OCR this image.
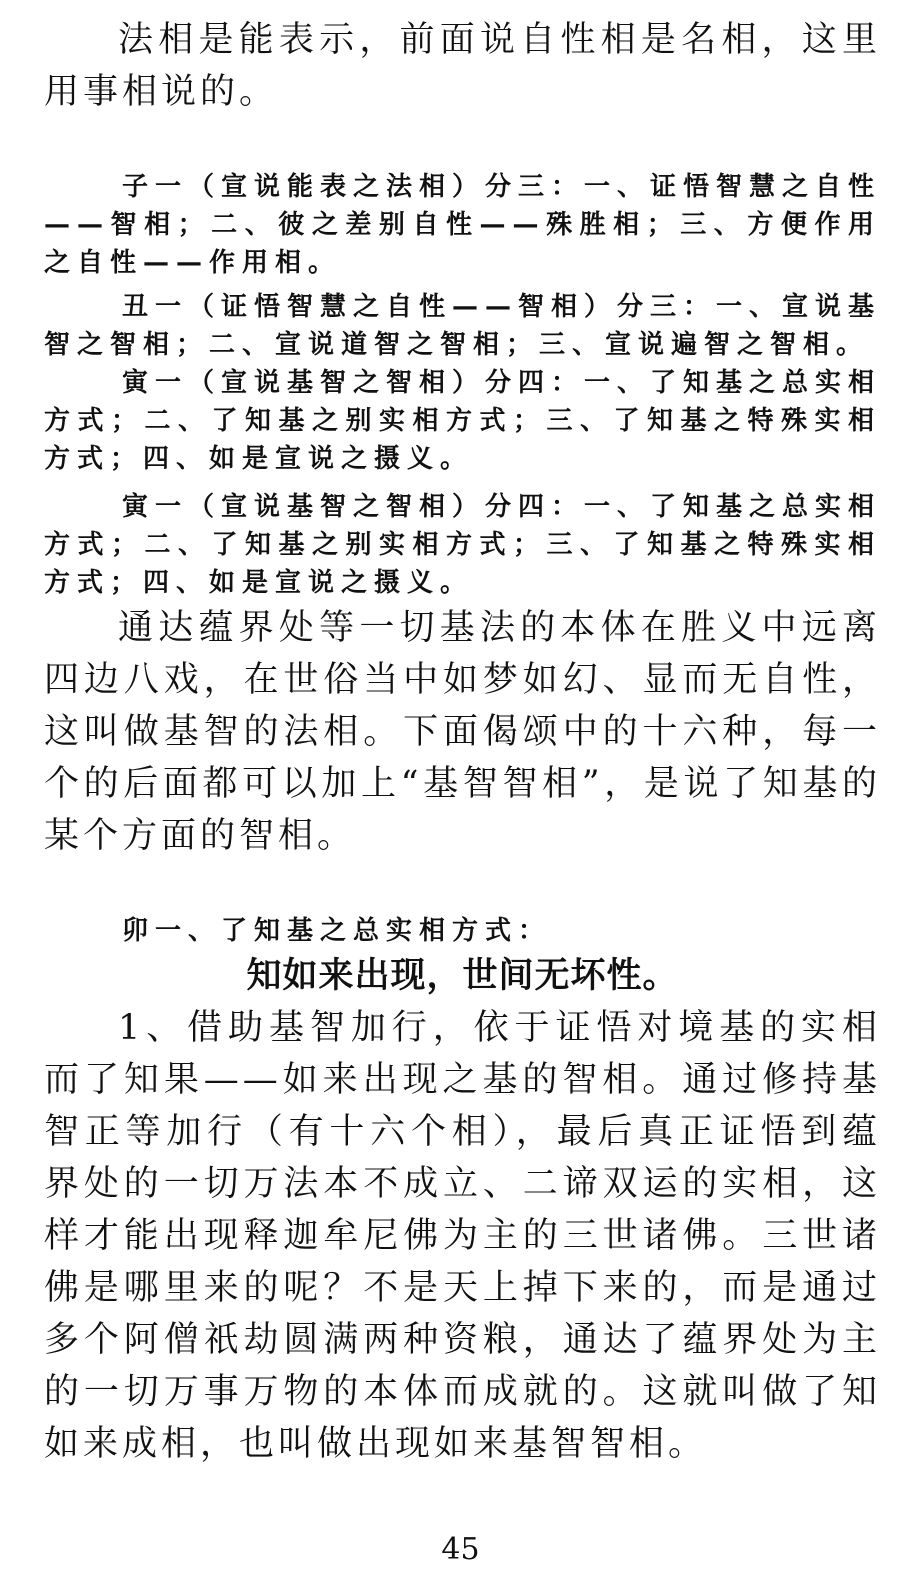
法相是能表示，前面说自性相是名相，这里用事相说的。

子一（宣说能表之法相）分三：一、证悟智慧之自性——智相；二、彼之差别自性——殊胜相；三、方便作用之自性——作用相。

丑一（证悟智慧之自性——智相）分三：一、宣说基智之智相；二、宣说道智之智相；三、宣说遍智之智相。

寅一（宣说基智之智相）分四：一、了知基之总实相方式；二、了知基之别实相方式；三、了知基之特殊实相方式；四、如是宣说之摄义。

寅一（宣说基智之智相）分四：一、了知基之总实相方式；二、了知基之别实相方式；三、了知基之特殊实相方式；四、如是宣说之摄义。

通达蕴界处等一切基法的本体在胜义中远离四边八戏，在世俗当中如梦如幻、显而无自性，这叫做基智的法相。下面偈颂中的十六种，每一个的后面都可以加上“基智智相”，是说了知基的某个方面的智相。

卯一、了知基之总实相方式：

知如来出现，世间无坏性。

1、借助基智加行，依于证悟对境基的实相而了知果——如来出现之基的智相。通过修持基智正等加行（有十六个相），最后真正证悟到蕴界处的一切万法本不成立、二谛双运的实相，这样才能出现释迦牟尼佛为主的三世诸佛。三世诸佛是哪里来的呢？不是天上掉下来的，而是通过多个阿僧祇劫圆满两种资粮，通达了蕴界处为主的一切万事万物的本体而成就的。这就叫做了知如来成相，也叫做出现如来基智智相。

45
